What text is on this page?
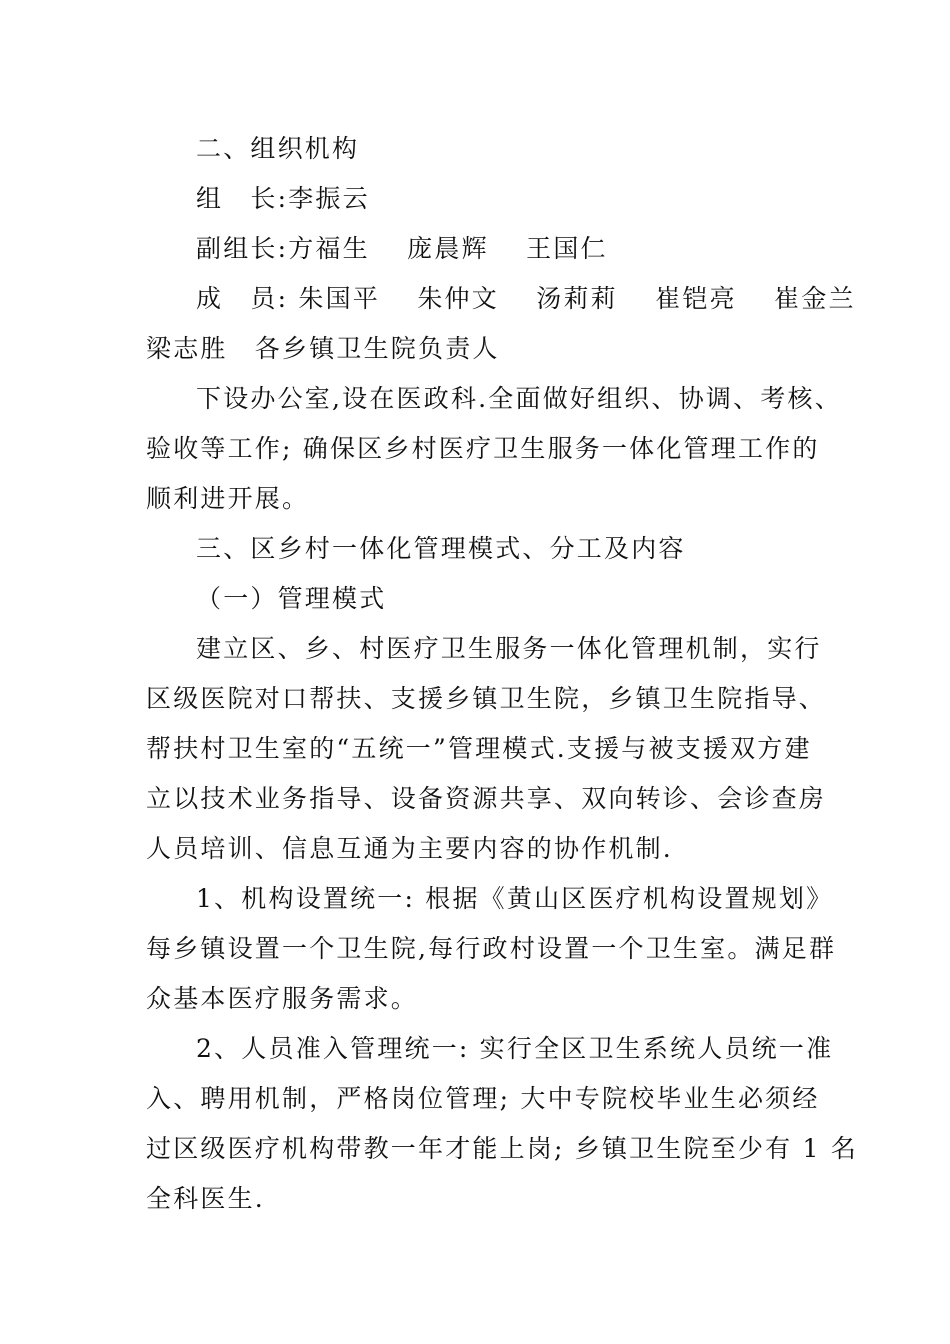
二、组织机构
组　长:李振云
副组长:方福生　 庞晨辉　 王国仁
成　员: 朱国平　 朱仲文　 汤莉莉　 崔铠亮　 崔金兰
梁志胜　各乡镇卫生院负责人
下设办公室,设在医政科.全面做好组织、协调、考核、
验收等工作; 确保区乡村医疗卫生服务一体化管理工作的
顺利进开展。
三、区乡村一体化管理模式、分工及内容
（一）管理模式
建立区、乡、村医疗卫生服务一体化管理机制，实行
区级医院对口帮扶、支援乡镇卫生院，乡镇卫生院指导、
帮扶村卫生室的“五统一”管理模式.支援与被支援双方建
立以技术业务指导、设备资源共享、双向转诊、会诊查房
人员培训、信息互通为主要内容的协作机制.
1、机构设置统一: 根据《黄山区医疗机构设置规划》
每乡镇设置一个卫生院,每行政村设置一个卫生室。满足群
众基本医疗服务需求。
2、人员准入管理统一: 实行全区卫生系统人员统一准
入、聘用机制，严格岗位管理; 大中专院校毕业生必须经
过区级医疗机构带教一年才能上岗; 乡镇卫生院至少有 1 名
全科医生.
